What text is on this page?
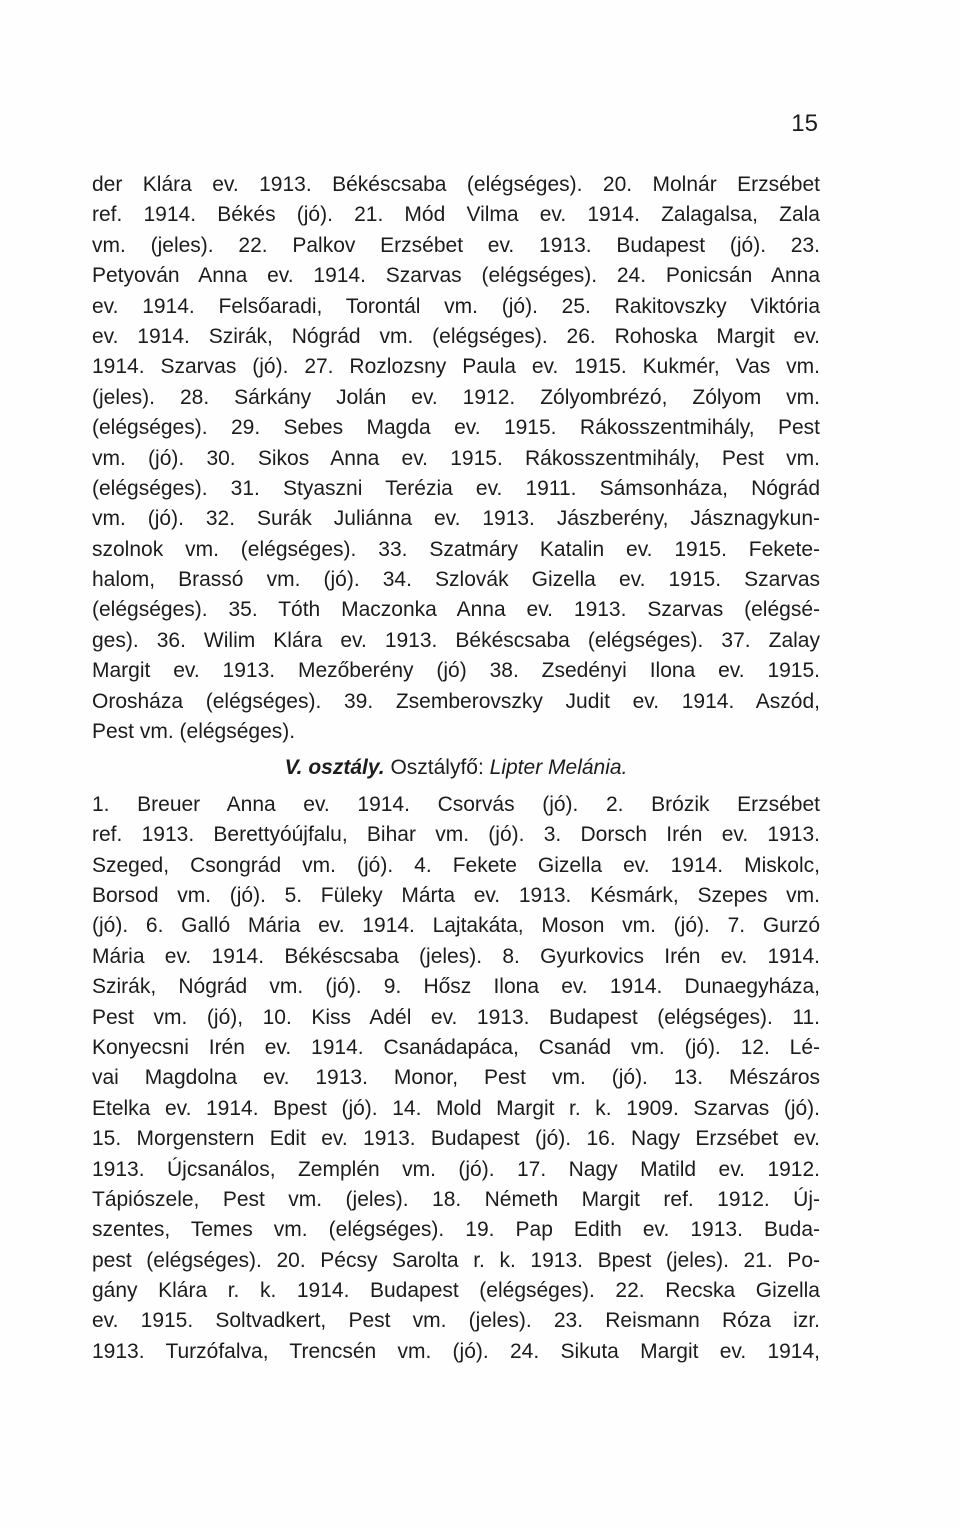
15

der Klára ev. 1913. Békéscsaba (elégséges). 20. Molnár Erzsébet

ref. 1914. Békés (jó). 21. Mód Vilma ev. 1914. Zalagalsa, Zala

vm. (jeles). 22. Palkov Erzsébet ev. 1913. Budapest (jó). 23.

Petyován Anna ev. 1914. Szarvas (elégséges). 24. Ponicsán Anna

ev. 1914. Felsőaradi, Torontál vm. (jó). 25. Rakitovszky Viktória

ev. 1914. Szirák, Nógrád vm. (elégséges). 26. Rohoska Margit ev.

1914. Szarvas (jó). 27. Rozlozsny Paula ev. 1915. Kukmér, Vas vm.

(jeles). 28. Sárkány Jolán ev. 1912. Zólyombrézó, Zólyom vm.

(elégséges). 29. Sebes Magda ev. 1915. Rákosszentmihály, Pest

vm. (jó). 30. Sikos Anna ev. 1915. Rákosszentmihály, Pest vm.

(elégséges). 31. Styaszni Terézia ev. 1911. Sámsonháza, Nógrád

vm. (jó). 32. Surák Juliánna ev. 1913. Jászberény, Jásznagykun-

szolnok vm. (elégséges). 33. Szatmáry Katalin ev. 1915. Fekete-

halom, Brassó vm. (jó). 34. Szlovák Gizella ev. 1915. Szarvas

(elégséges). 35. Tóth Maczonka Anna ev. 1913. Szarvas (elégsé-

ges). 36. Wilim Klára ev. 1913. Békéscsaba (elégséges). 37. Zalay

Margit ev. 1913. Mezőberény (jó) 38. Zsedényi Ilona ev. 1915.

Orosháza (elégséges). 39. Zsemberovszky Judit ev. 1914. Aszód,

Pest vm. (elégséges).

V. osztály. Osztályfő: Lipter Melánia.

1. Breuer Anna ev. 1914. Csorvás (jó). 2. Brózik Erzsébet

ref. 1913. Berettyóújfalu, Bihar vm. (jó). 3. Dorsch Irén ev. 1913.

Szeged, Csongrád vm. (jó). 4. Fekete Gizella ev. 1914. Miskolc,

Borsod vm. (jó). 5. Füleky Márta ev. 1913. Késmárk, Szepes vm.

(jó). 6. Galló Mária ev. 1914. Lajtakáta, Moson vm. (jó). 7. Gurzó

Mária ev. 1914. Békéscsaba (jeles). 8. Gyurkovics Irén ev. 1914.

Szirák, Nógrád vm. (jó). 9. Hősz Ilona ev. 1914. Dunaegyháza,

Pest vm. (jó), 10. Kiss Adél ev. 1913. Budapest (elégséges). 11.

Konyecsni Irén ev. 1914. Csanádapáca, Csanád vm. (jó). 12. Lé-

vai Magdolna ev. 1913. Monor, Pest vm. (jó). 13. Mészáros

Etelka ev. 1914. Bpest (jó). 14. Mold Margit r. k. 1909. Szarvas (jó).

15. Morgenstern Edit ev. 1913. Budapest (jó). 16. Nagy Erzsébet ev.

1913. Újcsanálos, Zemplén vm. (jó). 17. Nagy Matild ev. 1912.

Tápiószele, Pest vm. (jeles). 18. Németh Margit ref. 1912. Új-

szentes, Temes vm. (elégséges). 19. Pap Edith ev. 1913. Buda-

pest (elégséges). 20. Pécsy Sarolta r. k. 1913. Bpest (jeles). 21. Po-

gány Klára r. k. 1914. Budapest (elégséges). 22. Recska Gizella

ev. 1915. Soltvadkert, Pest vm. (jeles). 23. Reismann Róza izr.

1913. Turzófalva, Trencsén vm. (jó). 24. Sikuta Margit ev. 1914,
